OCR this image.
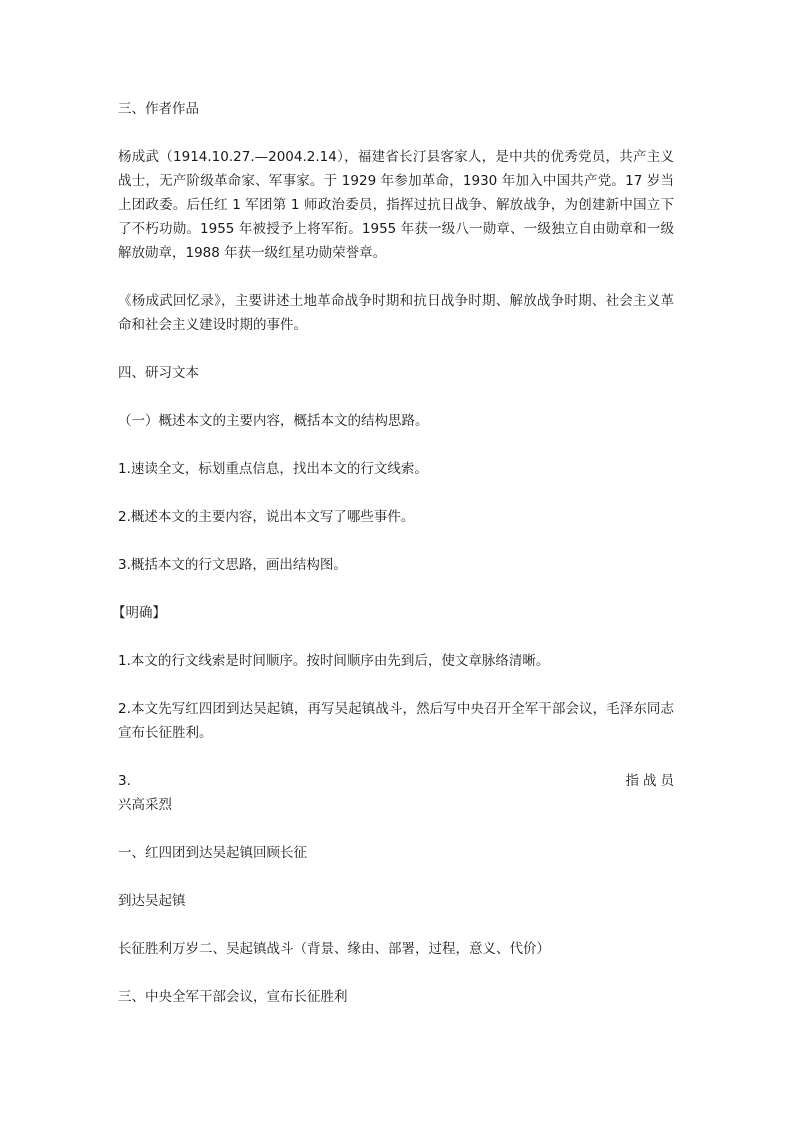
三、作者作品
杨成武（1914.10.27.—2004.2.14），福建省长汀县客家人，是中共的优秀党员，共产主义战士，无产阶级革命家、军事家。于 1929 年参加革命，1930 年加入中国共产党。17 岁当上团政委。后任红 1 军团第 1 师政治委员，指挥过抗日战争、解放战争，为创建新中国立下了不朽功勋。1955 年被授予上将军衔。1955 年获一级八一勋章、一级独立自由勋章和一级解放勋章，1988 年获一级红星功勋荣誉章。
《杨成武回忆录》，主要讲述土地革命战争时期和抗日战争时期、解放战争时期、社会主义革命和社会主义建设时期的事件。
四、研习文本
（一）概述本文的主要内容，概括本文的结构思路。
1.速读全文，标划重点信息，找出本文的行文线索。
2.概述本文的主要内容，说出本文写了哪些事件。
3.概括本文的行文思路，画出结构图。
【明确】
1.本文的行文线索是时间顺序。按时间顺序由先到后，使文章脉络清晰。
2.本文先写红四团到达吴起镇，再写吴起镇战斗，然后写中央召开全军干部会议，毛泽东同志宣布长征胜利。
3.	指战员
兴高采烈
一、红四团到达吴起镇回顾长征
到达吴起镇
长征胜利万岁二、吴起镇战斗（背景、缘由、部署，过程，意义、代价）
三、中央全军干部会议，宣布长征胜利
